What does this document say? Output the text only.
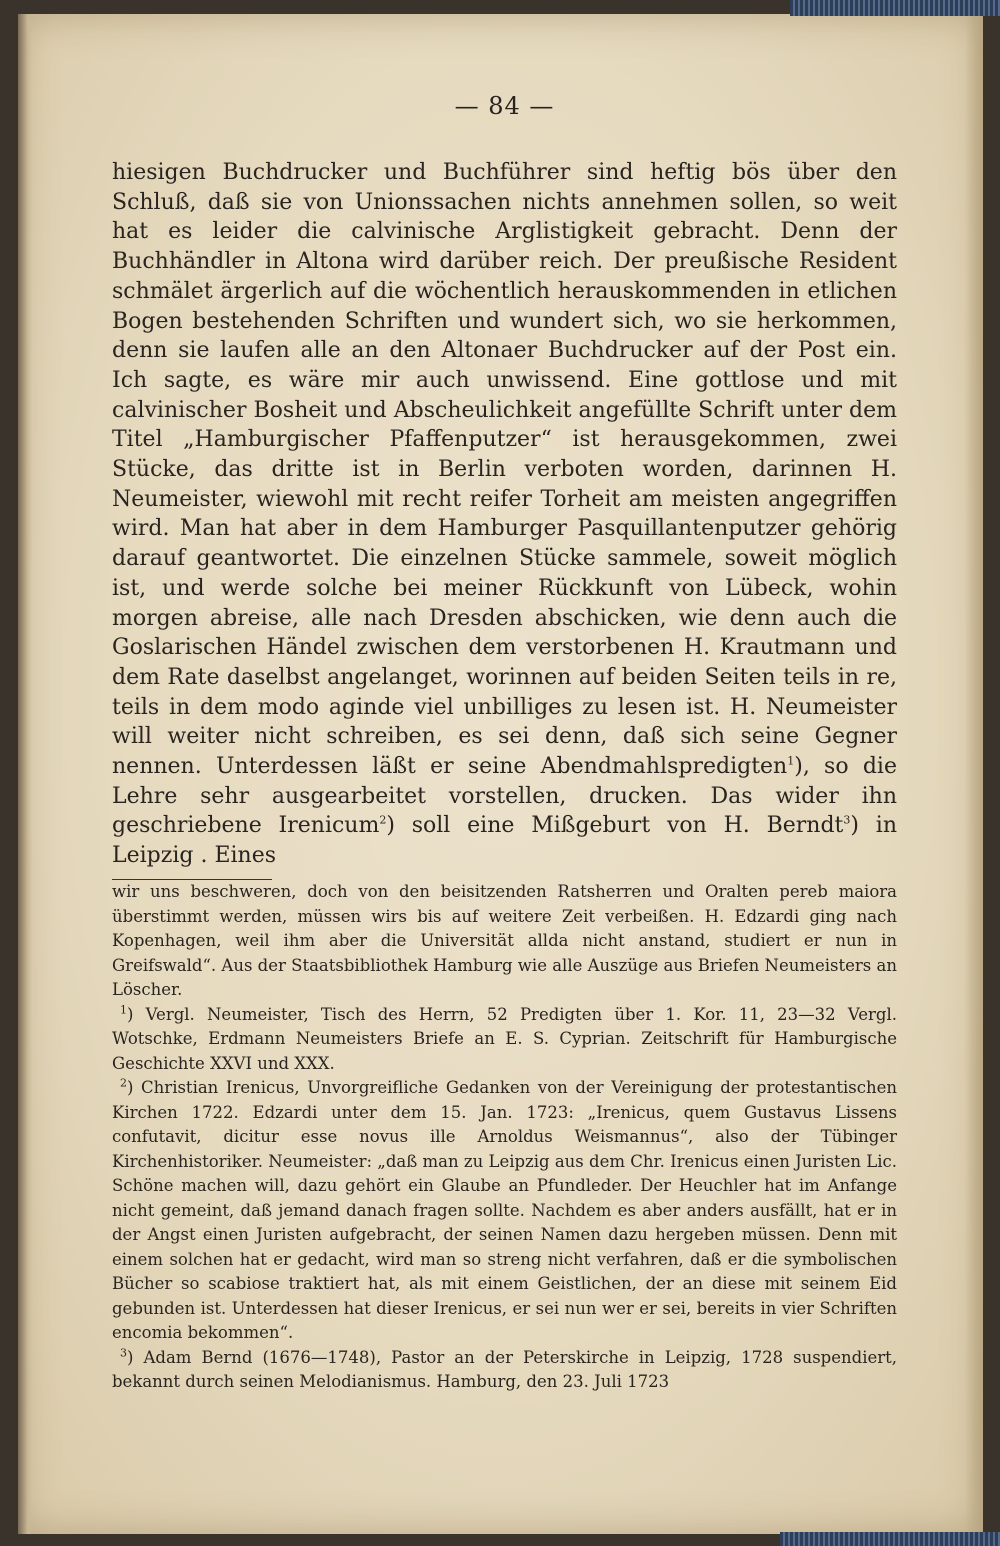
— 84 —

hiesigen Buchdrucker und Buchführer sind heftig bös über den Schluß, daß sie von Unionssachen nichts annehmen sollen, so weit hat es leider die calvinische Arglistigkeit gebracht. Denn der Buchhändler in Altona wird darüber reich. Der preußische Resident schmälet ärgerlich auf die wöchentlich herauskommenden in etlichen Bogen bestehenden Schriften und wundert sich, wo sie herkommen, denn sie laufen alle an den Altonaer Buchdrucker auf der Post ein. Ich sagte, es wäre mir auch unwissend. Eine gottlose und mit calvinischer Bosheit und Abscheulichkeit angefüllte Schrift unter dem Titel „Hamburgischer Pfaffenputzer“ ist herausgekommen, zwei Stücke, das dritte ist in Berlin verboten worden, darinnen H. Neumeister, wiewohl mit recht reifer Torheit am meisten angegriffen wird. Man hat aber in dem Hamburger Pasquillantenputzer gehörig darauf geantwortet. Die einzelnen Stücke sammele, soweit möglich ist, und werde solche bei meiner Rückkunft von Lübeck, wohin morgen abreise, alle nach Dresden abschicken, wie denn auch die Goslarischen Händel zwischen dem verstorbenen H. Krautmann und dem Rate daselbst angelanget, worinnen auf beiden Seiten teils in re, teils in dem modo aginde viel unbilliges zu lesen ist. H. Neumeister will weiter nicht schreiben, es sei denn, daß sich seine Gegner nennen. Unterdessen läßt er seine Abendmahlspredigten$^1$), so die Lehre sehr ausgearbeitet vorstellen, drucken. Das wider ihn geschriebene Irenicum$^2$) soll eine Mißgeburt von H. Berndt$^3$) in Leipzig . Eines

wir uns beschweren, doch von den beisitzenden Ratsherren und Oralten pereb maiora überstimmt werden, müssen wirs bis auf weitere Zeit verbeißen. H. Edzardi ging nach Kopenhagen, weil ihm aber die Universität allda nicht anstand, studiert er nun in Greifswald“. Aus der Staatsbibliothek Hamburg wie alle Auszüge aus Briefen Neumeisters an Löscher.

$^1$) Vergl. Neumeister, Tisch des Herrn, 52 Predigten über 1. Kor. 11, 23—32 Vergl. Wotschke, Erdmann Neumeisters Briefe an E. S. Cyprian. Zeitschrift für Hamburgische Geschichte XXVI und XXX.

$^2$) Christian Irenicus, Unvorgreifliche Gedanken von der Vereinigung der protestantischen Kirchen 1722. Edzardi unter dem 15. Jan. 1723: „Irenicus, quem Gustavus Lissens confutavit, dicitur esse novus ille Arnoldus Weismannus“, also der Tübinger Kirchenhistoriker. Neumeister: „daß man zu Leipzig aus dem Chr. Irenicus einen Juristen Lic. Schöne machen will, dazu gehört ein Glaube an Pfundleder. Der Heuchler hat im Anfange nicht gemeint, daß jemand danach fragen sollte. Nachdem es aber anders ausfällt, hat er in der Angst einen Juristen aufgebracht, der seinen Namen dazu hergeben müssen. Denn mit einem solchen hat er gedacht, wird man so streng nicht verfahren, daß er die symbolischen Bücher so scabiose traktiert hat, als mit einem Geistlichen, der an diese mit seinem Eid gebunden ist. Unterdessen hat dieser Irenicus, er sei nun wer er sei, bereits in vier Schriften encomia bekommen“.

$^3$) Adam Bernd (1676—1748), Pastor an der Peterskirche in Leipzig, 1728 suspendiert, bekannt durch seinen Melodianismus. Hamburg, den 23. Juli 1723
